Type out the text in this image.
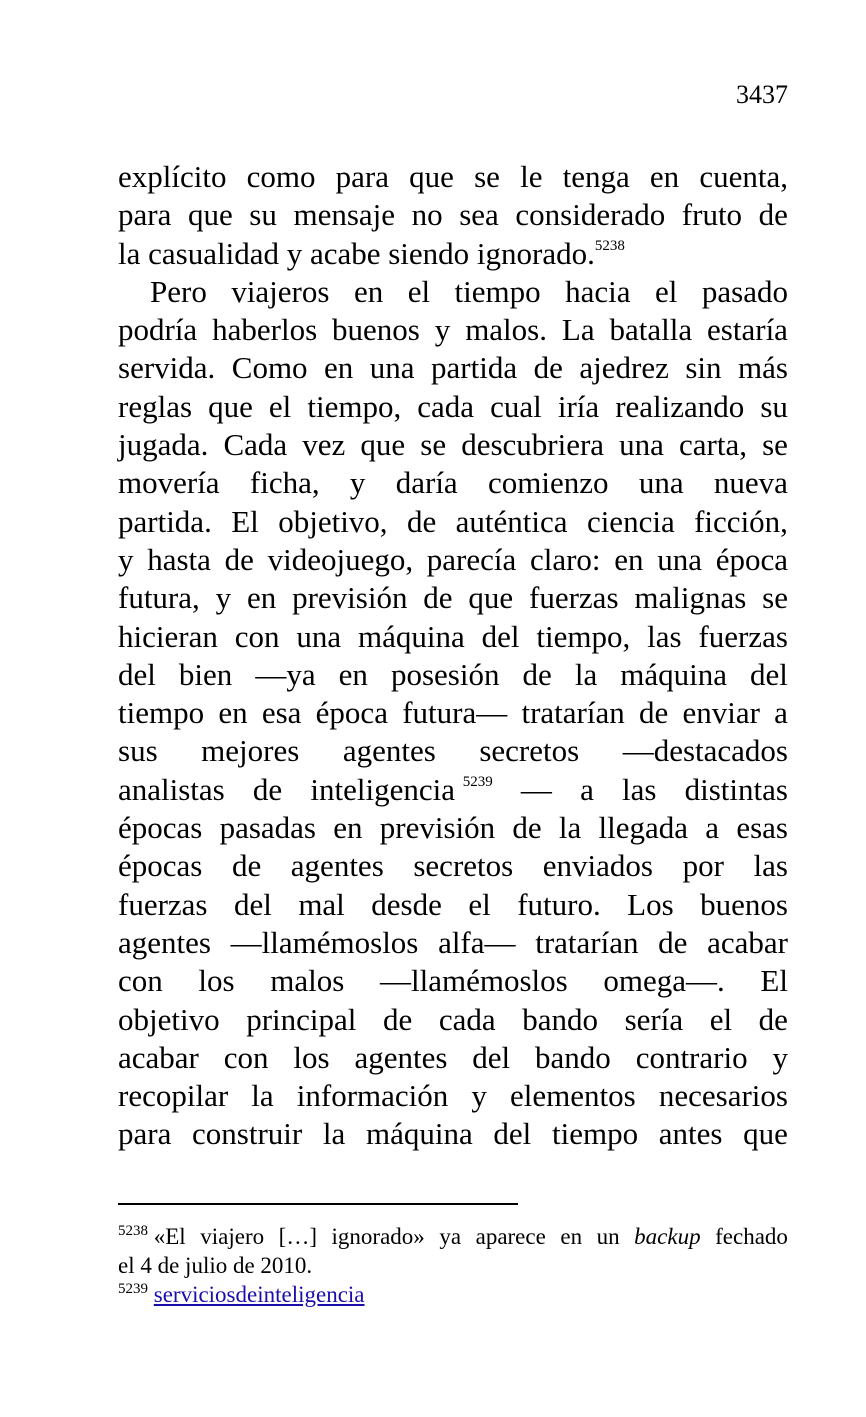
3437
explícito como para que se le tenga en cuenta,
para que su mensaje no sea considerado fruto de
la casualidad y acabe siendo ignorado.$^{5238}$
Pero viajeros en el tiempo hacia el pasado
podría haberlos buenos y malos. La batalla estaría
servida. Como en una partida de ajedrez sin más
reglas que el tiempo, cada cual iría realizando su
jugada. Cada vez que se descubriera una carta, se
movería ficha, y daría comienzo una nueva
partida. El objetivo, de auténtica ciencia ficción,
y hasta de videojuego, parecía claro: en una época
futura, y en previsión de que fuerzas malignas se
hicieran con una máquina del tiempo, las fuerzas
del bien —ya en posesión de la máquina del
tiempo en esa época futura— tratarían de enviar a
sus mejores agentes secretos —destacados
analistas de inteligencia $^{5239}$ — a las distintas
épocas pasadas en previsión de la llegada a esas
épocas de agentes secretos enviados por las
fuerzas del mal desde el futuro. Los buenos
agentes —llamémoslos alfa— tratarían de acabar
con los malos —llamémoslos omega—. El
objetivo principal de cada bando sería el de
acabar con los agentes del bando contrario y
recopilar la información y elementos necesarios
para construir la máquina del tiempo antes que
$^{5238}$ «El viajero […] ignorado» ya aparece en un backup fechado
el 4 de julio de 2010.
$^{5239}$ serviciosdeinteligencia
